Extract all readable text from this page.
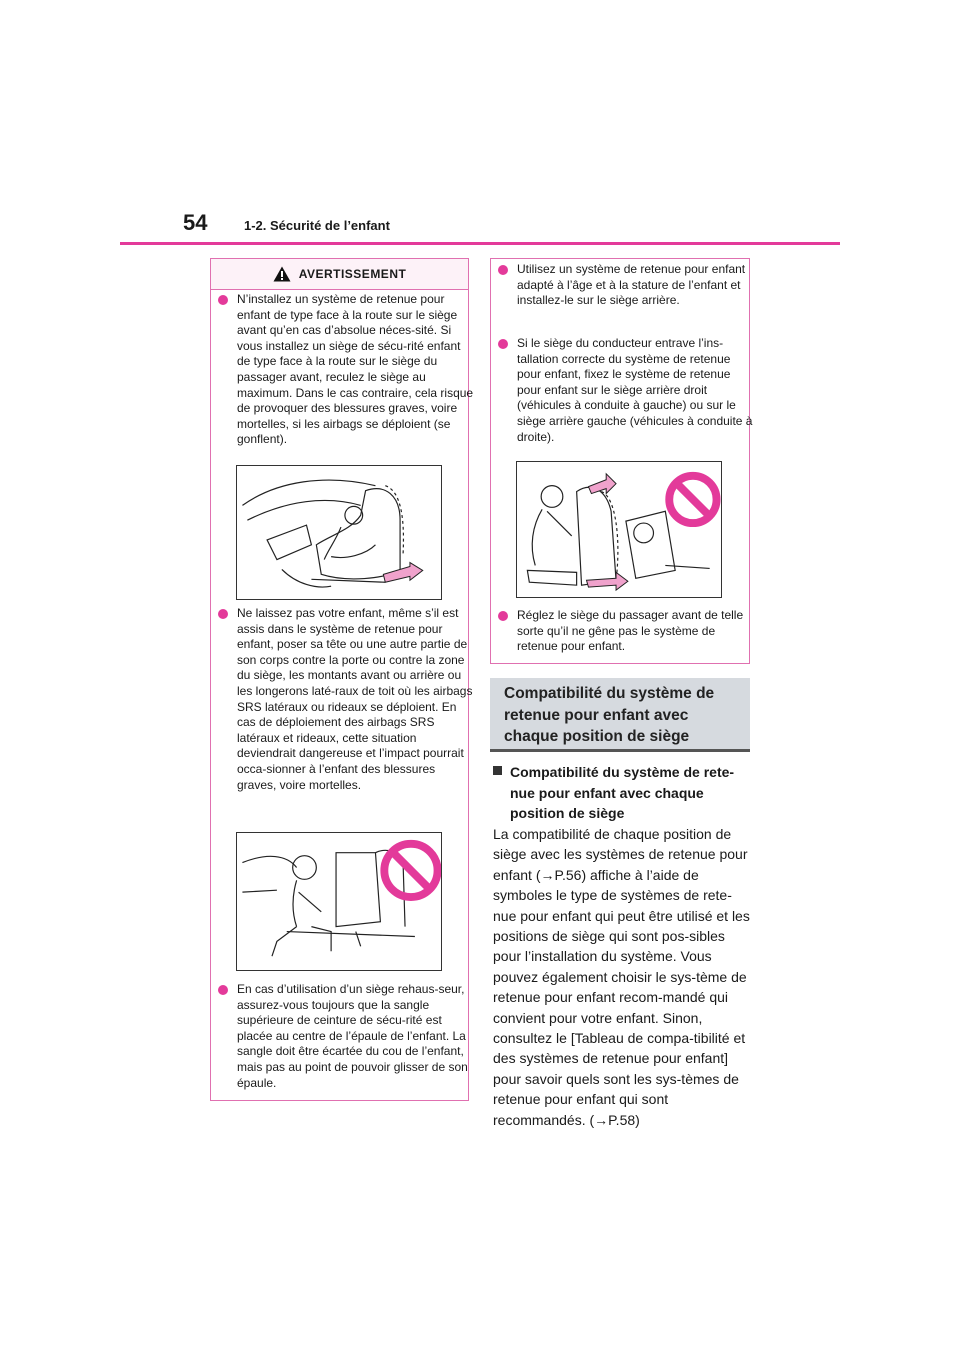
54	1-2. Sécurité de l’enfant
AVERTISSEMENT
N’installez un système de retenue pour enfant de type face à la route sur le siège avant qu’en cas d’absolue néces-sité. Si vous installez un siège de sécu-rité enfant de type face à la route sur le siège du passager avant, reculez le siège au maximum. Dans le cas contraire, cela risque de provoquer des blessures graves, voire mortelles, si les airbags se déploient (se gonflent).
Ne laissez pas votre enfant, même s’il est assis dans le système de retenue pour enfant, poser sa tête ou une autre partie de son corps contre la porte ou contre la zone du siège, les montants avant ou arrière ou les longerons laté-raux de toit où les airbags SRS latéraux ou rideaux se déploient. En cas de déploiement des airbags SRS latéraux et rideaux, cette situation deviendrait dangereuse et l’impact pourrait occa-sionner à l’enfant des blessures graves, voire mortelles.
En cas d’utilisation d’un siège rehaus-seur, assurez-vous toujours que la sangle supérieure de ceinture de sécu-rité est placée au centre de l’épaule de l’enfant. La sangle doit être écartée du cou de l’enfant, mais pas au point de pouvoir glisser de son épaule.
Utilisez un système de retenue pour enfant adapté à l’âge et à la stature de l’enfant et installez-le sur le siège arrière.
Si le siège du conducteur entrave l’ins-tallation correcte du système de retenue pour enfant, fixez le système de retenue pour enfant sur le siège arrière droit (véhicules à conduite à gauche) ou sur le siège arrière gauche (véhicules à conduite à droite).
Réglez le siège du passager avant de telle sorte qu’il ne gêne pas le système de retenue pour enfant.
Compatibilité du système de retenue pour enfant avec chaque position de siège
Compatibilité du système de rete-nue pour enfant avec chaque position de siège
La compatibilité de chaque position de siège avec les systèmes de retenue pour enfant (→P.56) affiche à l’aide de symboles le type de systèmes de rete-nue pour enfant qui peut être utilisé et les positions de siège qui sont pos-sibles pour l’installation du système. Vous pouvez également choisir le sys-tème de retenue pour enfant recom-mandé qui convient pour votre enfant. Sinon, consultez le [Tableau de compa-tibilité et des systèmes de retenue pour enfant] pour savoir quels sont les sys-tèmes de retenue pour enfant qui sont recommandés. (→P.58)
